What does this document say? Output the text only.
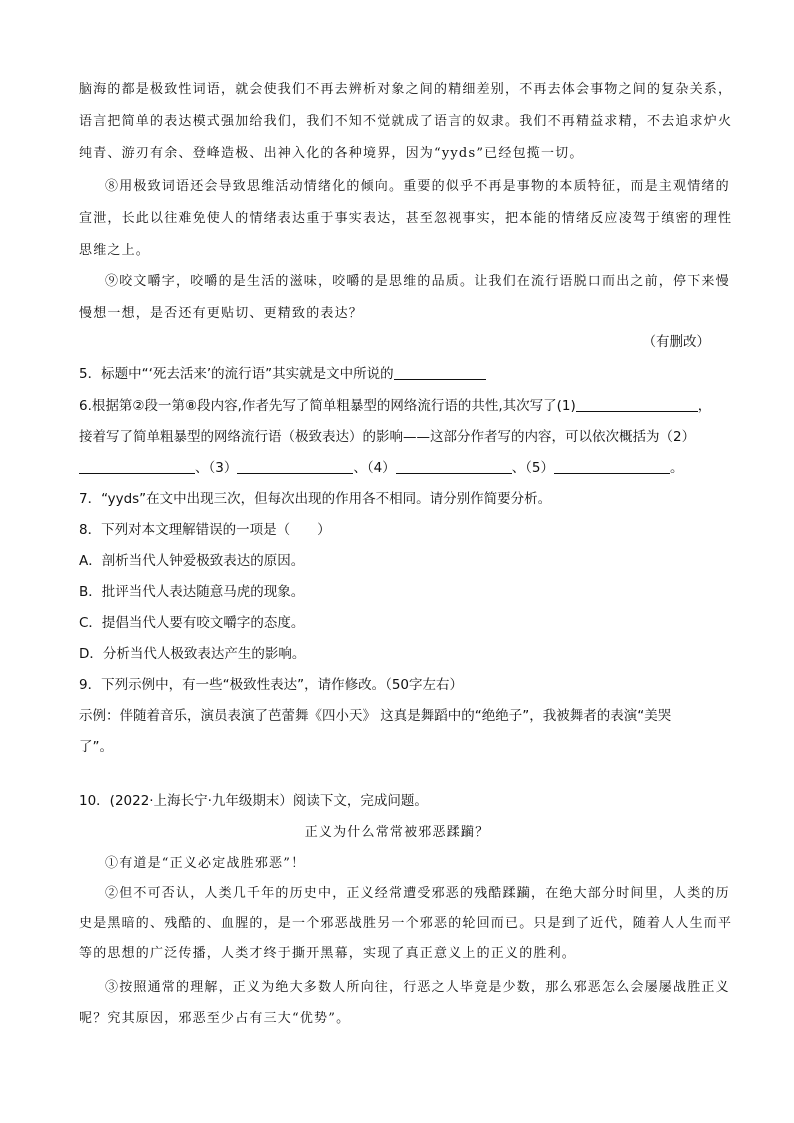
脑海的都是极致性词语，就会使我们不再去辨析对象之间的精细差别，不再去体会事物之间的复杂关系，
语言把简单的表达模式强加给我们，我们不知不觉就成了语言的奴隶。我们不再精益求精，不去追求炉火
纯青、游刃有余、登峰造极、出神入化的各种境界，因为“yyds”已经包揽一切。
⑧用极致词语还会导致思维活动情绪化的倾向。重要的似乎不再是事物的本质特征，而是主观情绪的
宣泄，长此以往难免使人的情绪表达重于事实表达，甚至忽视事实，把本能的情绪反应凌驾于缜密的理性
思维之上。
⑨咬文嚼字，咬嚼的是生活的滋味，咬嚼的是思维的品质。让我们在流行语脱口而出之前，停下来慢
慢想一想，是否还有更贴切、更精致的表达？
（有删改）
5．标题中“‘死去活来’的流行语”其实就是文中所说的
6.根据第②段一第⑧段内容,作者先写了简单粗暴型的网络流行语的共性,其次写了(1)	，
接着写了简单粗暴型的网络流行语（极致表达）的影响——这部分作者写的内容，可以依次概括为（2）
、（3）	、（4）	、（5）	。
7．“yyds”在文中出现三次，但每次出现的作用各不相同。请分别作简要分析。
8．下列对本文理解错误的一项是（　　）
A．剖析当代人钟爱极致表达的原因。
B．批评当代人表达随意马虎的现象。
C．提倡当代人要有咬文嚼字的态度。
D．分析当代人极致表达产生的影响。
9．下列示例中，有一些“极致性表达”，请作修改。（50字左右）
示例：伴随着音乐，演员表演了芭蕾舞《四小天》 这真是舞蹈中的“绝绝子”，我被舞者的表演“美哭
了”。
10．(2022·上海长宁·九年级期末）阅读下文，完成问题。
正义为什么常常被邪恶蹂躏？
①有道是“正义必定战胜邪恶”！
②但不可否认，人类几千年的历史中，正义经常遭受邪恶的残酷蹂躏，在绝大部分时间里，人类的历
史是黑暗的、残酷的、血腥的，是一个邪恶战胜另一个邪恶的轮回而已。只是到了近代，随着人人生而平
等的思想的广泛传播，人类才终于撕开黑幕，实现了真正意义上的正义的胜利。
③按照通常的理解，正义为绝大多数人所向往，行恶之人毕竟是少数，那么邪恶怎么会屡屡战胜正义
呢？究其原因，邪恶至少占有三大“优势”。
